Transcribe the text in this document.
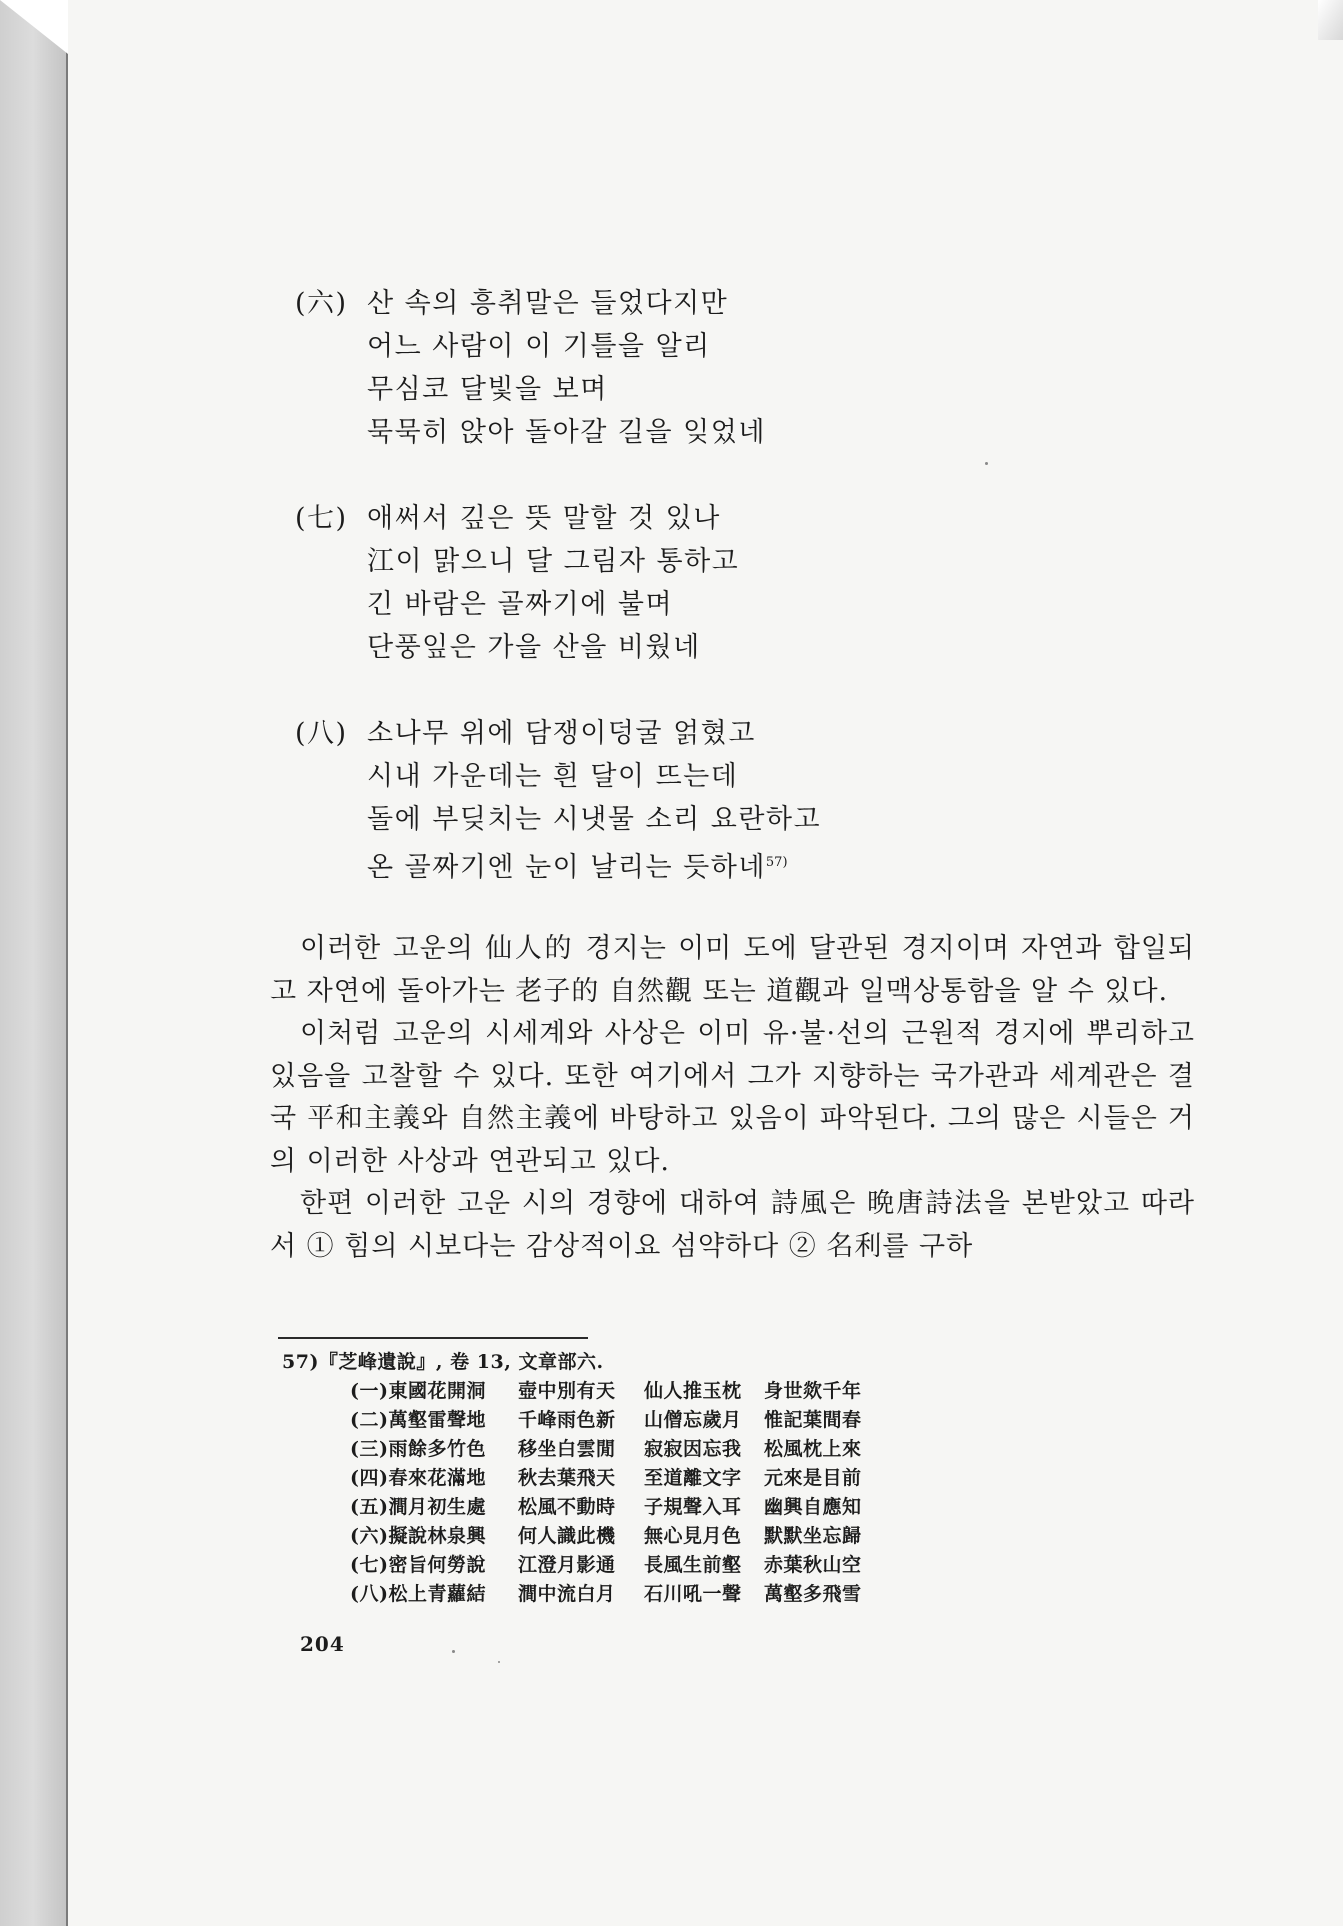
(六) 산 속의 흥취말은 들었다지만
어느 사람이 이 기틀을 알리
무심코 달빛을 보며
묵묵히 앉아 돌아갈 길을 잊었네
(七) 애써서 깊은 뜻 말할 것 있나
江이 맑으니 달 그림자 통하고
긴 바람은 골짜기에 불며
단풍잎은 가을 산을 비웠네
(八) 소나무 위에 담쟁이덩굴 얽혔고
시내 가운데는 흰 달이 뜨는데
돌에 부딪치는 시냇물 소리 요란하고
온 골짜기엔 눈이 날리는 듯하네$^{57)}$

이러한 고운의 仙人的 경지는 이미 도에 달관된 경지이며 자연과 합일되고 자연에 돌아가는 老子的 自然觀 또는 道觀과 일맥상통함을 알 수 있다.

이처럼 고운의 시세계와 사상은 이미 유·불·선의 근원적 경지에 뿌리하고 있음을 고찰할 수 있다. 또한 여기에서 그가 지향하는 국가관과 세계관은 결국 平和主義와 自然主義에 바탕하고 있음이 파악된다. 그의 많은 시들은 거의 이러한 사상과 연관되고 있다.

한편 이러한 고운 시의 경향에 대하여 詩風은 晩唐詩法을 본받았고 따라서 ① 힘의 시보다는 감상적이요 섬약하다 ② 名利를 구하

57)『芝峰遺說』, 卷 13, 文章部六.
(一)東國花開洞 壺中別有天 仙人推玉枕 身世欻千年
(二)萬壑雷聲地 千峰雨色新 山僧忘歲月 惟記葉間春
(三)雨餘多竹色 移坐白雲閒 寂寂因忘我 松風枕上來
(四)春來花滿地 秋去葉飛天 至道離文字 元來是目前
(五)澗月初生處 松風不動時 子規聲入耳 幽興自應知
(六)擬說林泉興 何人識此機 無心見月色 默默坐忘歸
(七)密旨何勞說 江澄月影通 長風生前壑 赤葉秋山空
(八)松上青蘿結 澗中流白月 石川吼一聲 萬壑多飛雪
204
